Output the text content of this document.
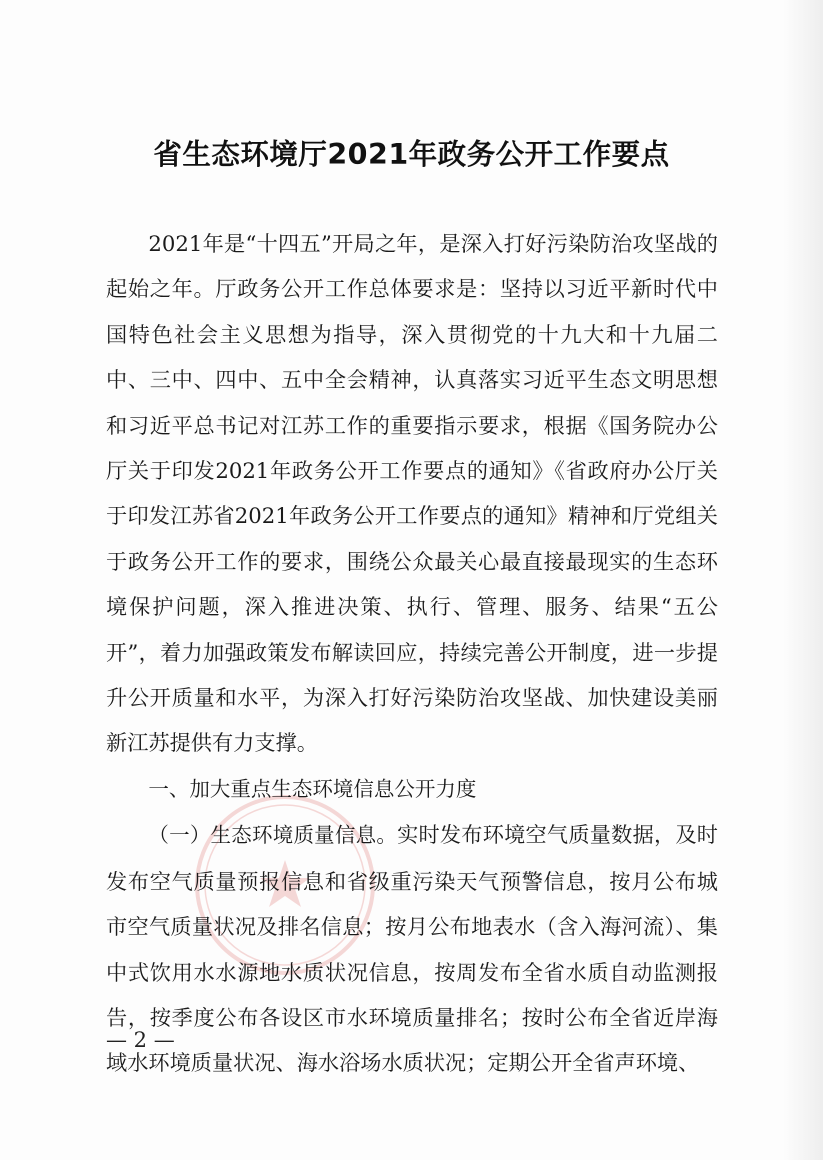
省生态环境厅2021年政务公开工作要点

2021年是“十四五”开局之年，是深入打好污染防治攻坚战的起始之年。厅政务公开工作总体要求是：坚持以习近平新时代中国特色社会主义思想为指导，深入贯彻党的十九大和十九届二中、三中、四中、五中全会精神，认真落实习近平生态文明思想和习近平总书记对江苏工作的重要指示要求，根据《国务院办公厅关于印发2021年政务公开工作要点的通知》《省政府办公厅关于印发江苏省2021年政务公开工作要点的通知》精神和厅党组关于政务公开工作的要求，围绕公众最关心最直接最现实的生态环境保护问题，深入推进决策、执行、管理、服务、结果“五公开”，着力加强政策发布解读回应，持续完善公开制度，进一步提升公开质量和水平，为深入打好污染防治攻坚战、加快建设美丽新江苏提供有力支撑。

一、加大重点生态环境信息公开力度

（一）生态环境质量信息。实时发布环境空气质量数据，及时发布空气质量预报信息和省级重污染天气预警信息，按月公布城市空气质量状况及排名信息；按月公布地表水（含入海河流）、集中式饮用水水源地水质状况信息，按周发布全省水质自动监测报告，按季度公布各设区市水环境质量排名；按时公布全省近岸海域水环境质量状况、海水浴场水质状况；定期公开全省声环境、

— 2 —
